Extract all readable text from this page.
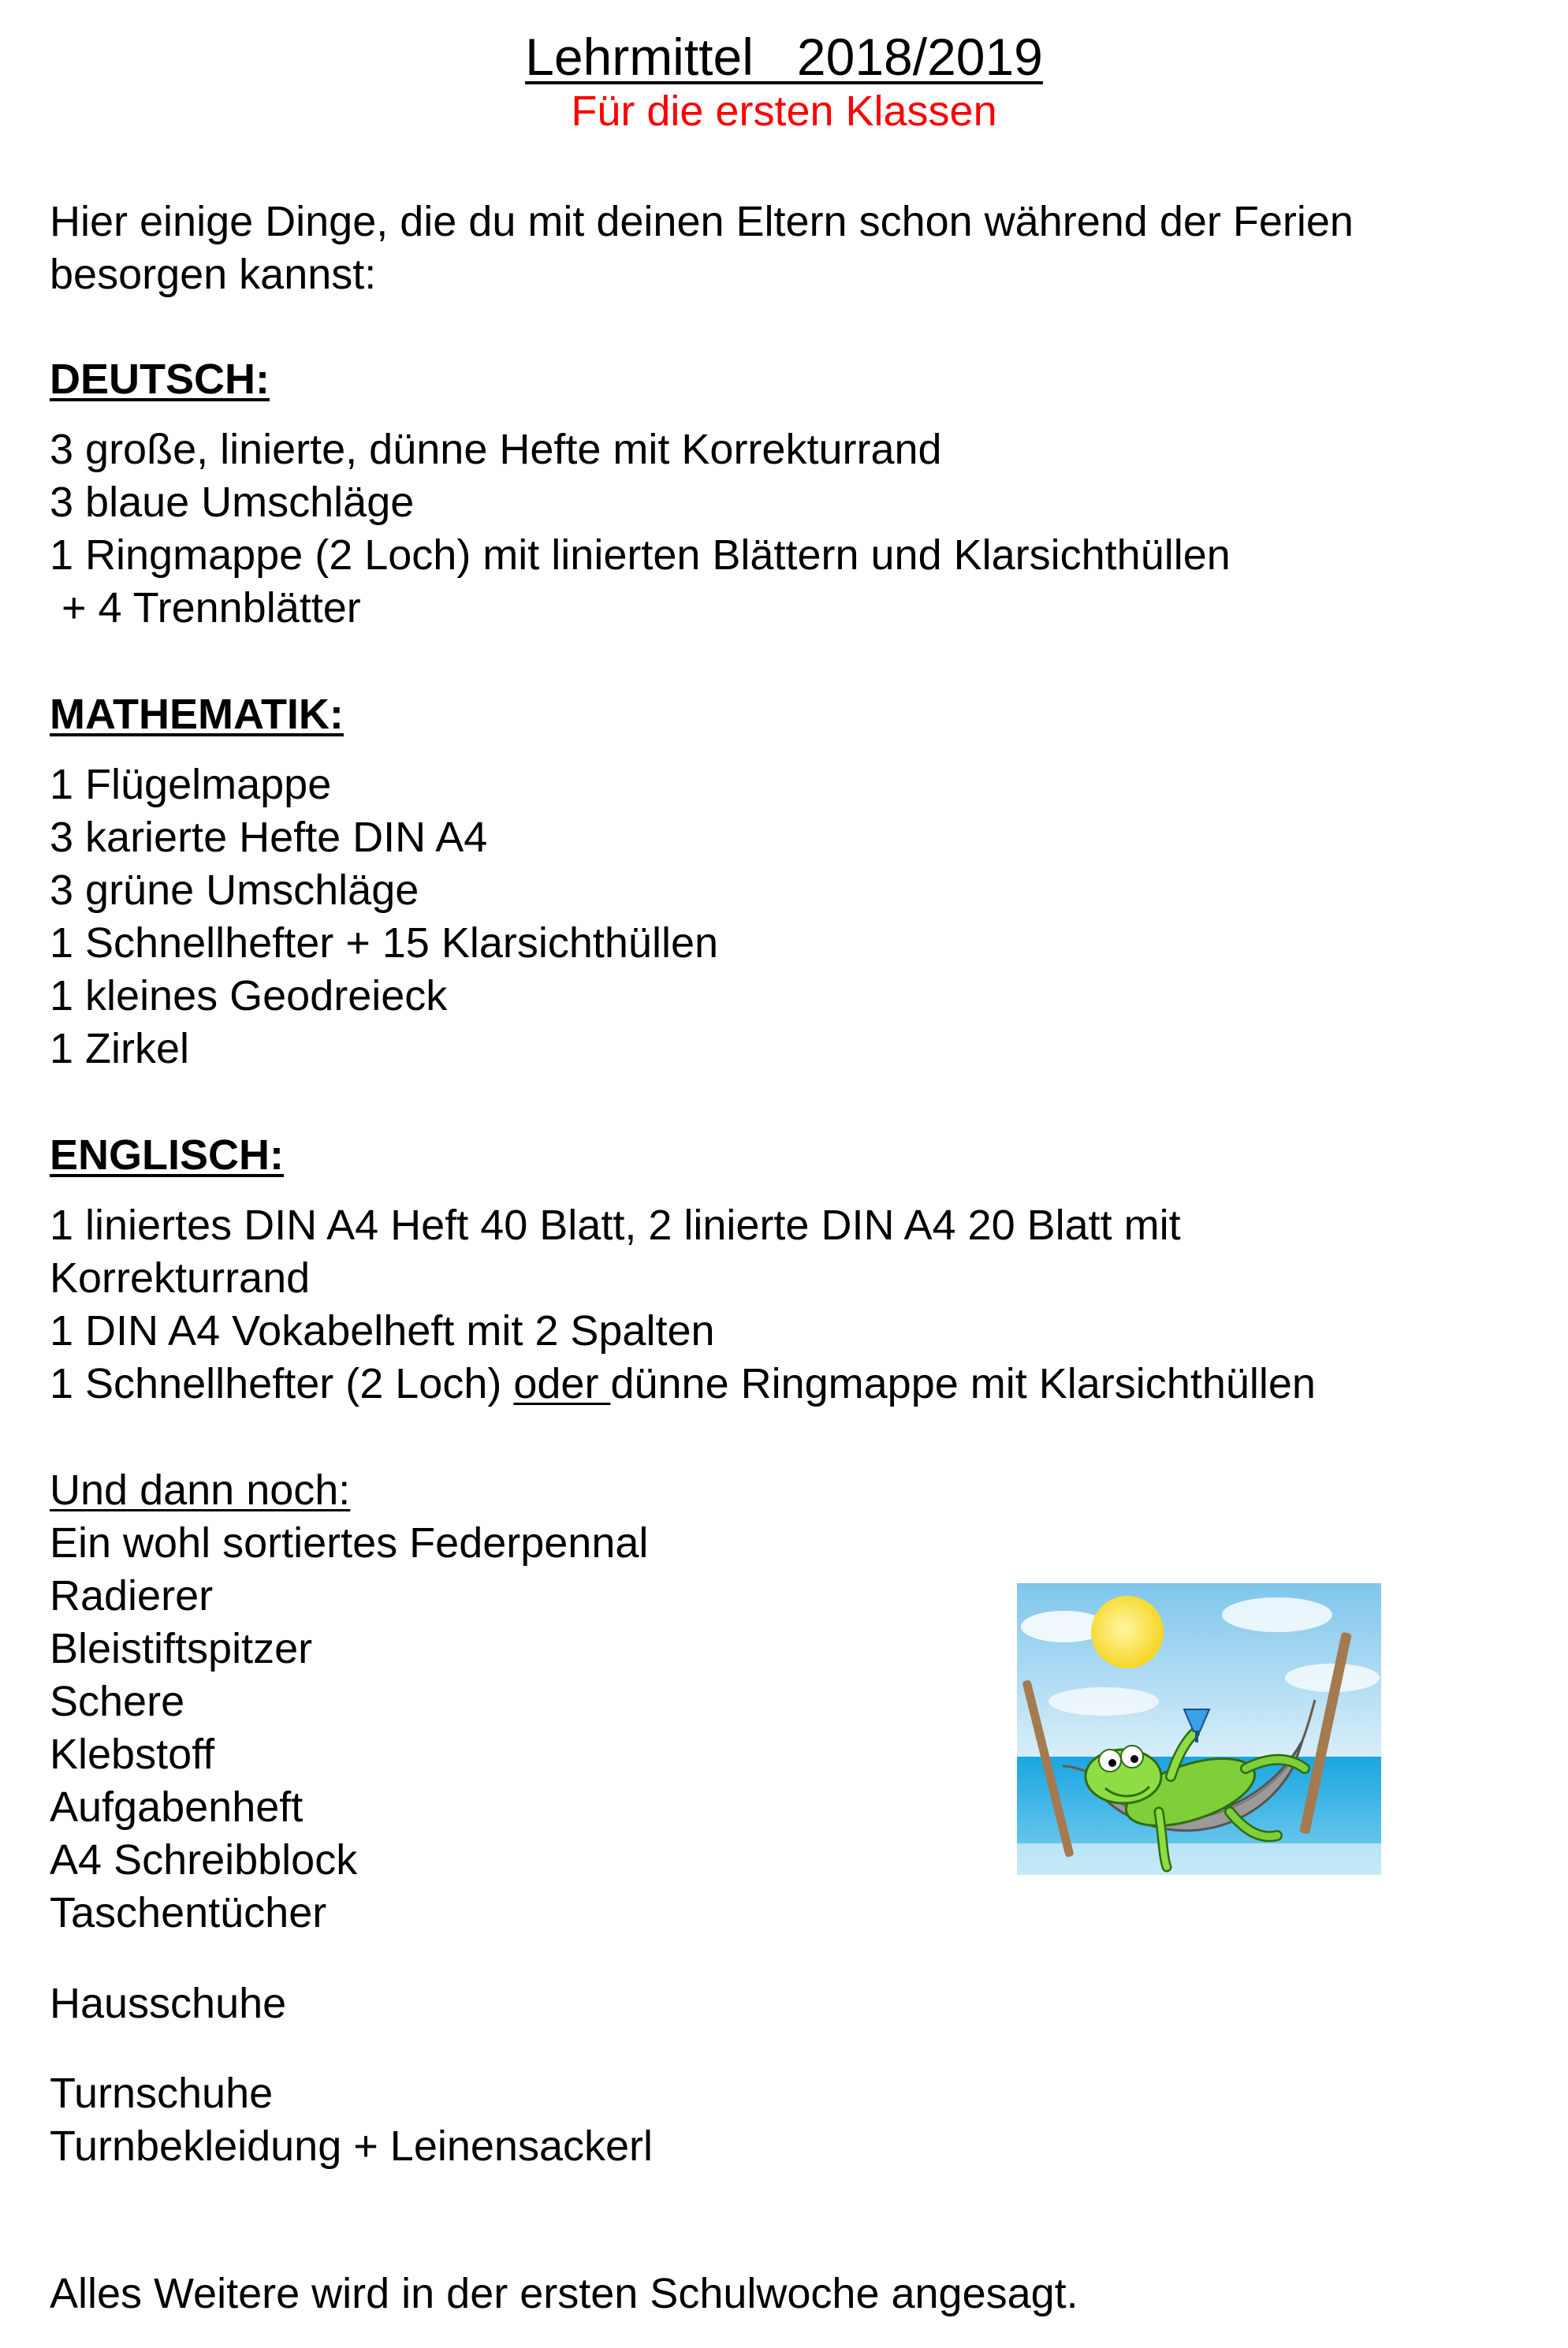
Lehrmittel   2018/2019
Für die ersten Klassen
Hier einige Dinge, die du mit deinen Eltern schon während der Ferien
besorgen kannst:
DEUTSCH:
3 große, linierte, dünne Hefte mit Korrekturrand
3 blaue Umschläge
1 Ringmappe (2 Loch) mit linierten Blättern und Klarsichthüllen
+ 4 Trennblätter
MATHEMATIK:
1 Flügelmappe
3 karierte Hefte DIN A4
3 grüne Umschläge
1 Schnellhefter + 15 Klarsichthüllen
1 kleines Geodreieck
1 Zirkel
ENGLISCH:
1 liniertes DIN A4 Heft 40 Blatt, 2 linierte DIN A4 20 Blatt mit
Korrekturrand
1 DIN A4 Vokabelheft mit 2 Spalten
1 Schnellhefter (2 Loch) oder dünne Ringmappe mit Klarsichthüllen
Und dann noch:
Ein wohl sortiertes Federpennal
Radierer
Bleistiftspitzer
Schere
Klebstoff
Aufgabenheft
A4 Schreibblock
Taschentücher
Hausschuhe
Turnschuhe
Turnbekleidung + Leinensackerl
Alles Weitere wird in der ersten Schulwoche angesagt.
